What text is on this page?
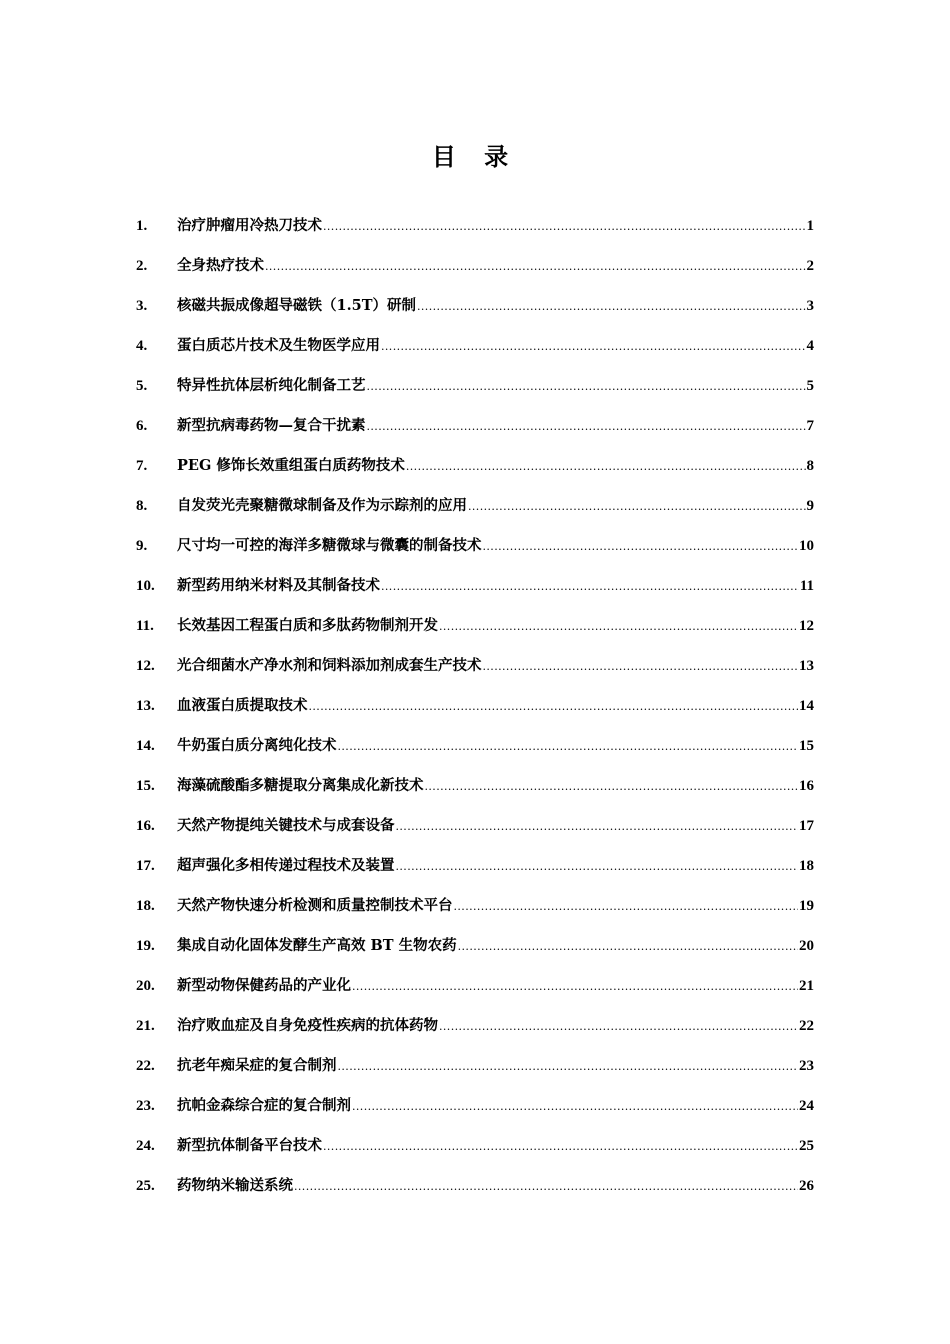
目 录
1.	治疗肿瘤用冷热刀技术 .....	1
2.	全身热疗技术 .....	2
3.	核磁共振成像超导磁铁（1.5T）研制 .....	3
4.	蛋白质芯片技术及生物医学应用 .....	4
5.	特异性抗体层析纯化制备工艺 .....	5
6.	新型抗病毒药物—复合干扰素 .....	7
7.	PEG 修饰长效重组蛋白质药物技术 .....	8
8.	自发荧光壳聚糖微球制备及作为示踪剂的应用 .....	9
9.	尺寸均一可控的海洋多糖微球与微囊的制备技术 .....	10
10.	新型药用纳米材料及其制备技术 .....	11
11.	长效基因工程蛋白质和多肽药物制剂开发 .....	12
12.	光合细菌水产净水剂和饲料添加剂成套生产技术 .....	13
13.	血液蛋白质提取技术 .....	14
14.	牛奶蛋白质分离纯化技术 .....	15
15.	海藻硫酸酯多糖提取分离集成化新技术 .....	16
16.	天然产物提纯关键技术与成套设备 .....	17
17.	超声强化多相传递过程技术及装置 .....	18
18.	天然产物快速分析检测和质量控制技术平台 .....	19
19.	集成自动化固体发酵生产高效 BT 生物农药 .....	20
20.	新型动物保健药品的产业化 .....	21
21.	治疗败血症及自身免疫性疾病的抗体药物 .....	22
22.	抗老年痴呆症的复合制剂 .....	23
23.	抗帕金森综合症的复合制剂 .....	24
24.	新型抗体制备平台技术 .....	25
25.	药物纳米输送系统 .....	26
